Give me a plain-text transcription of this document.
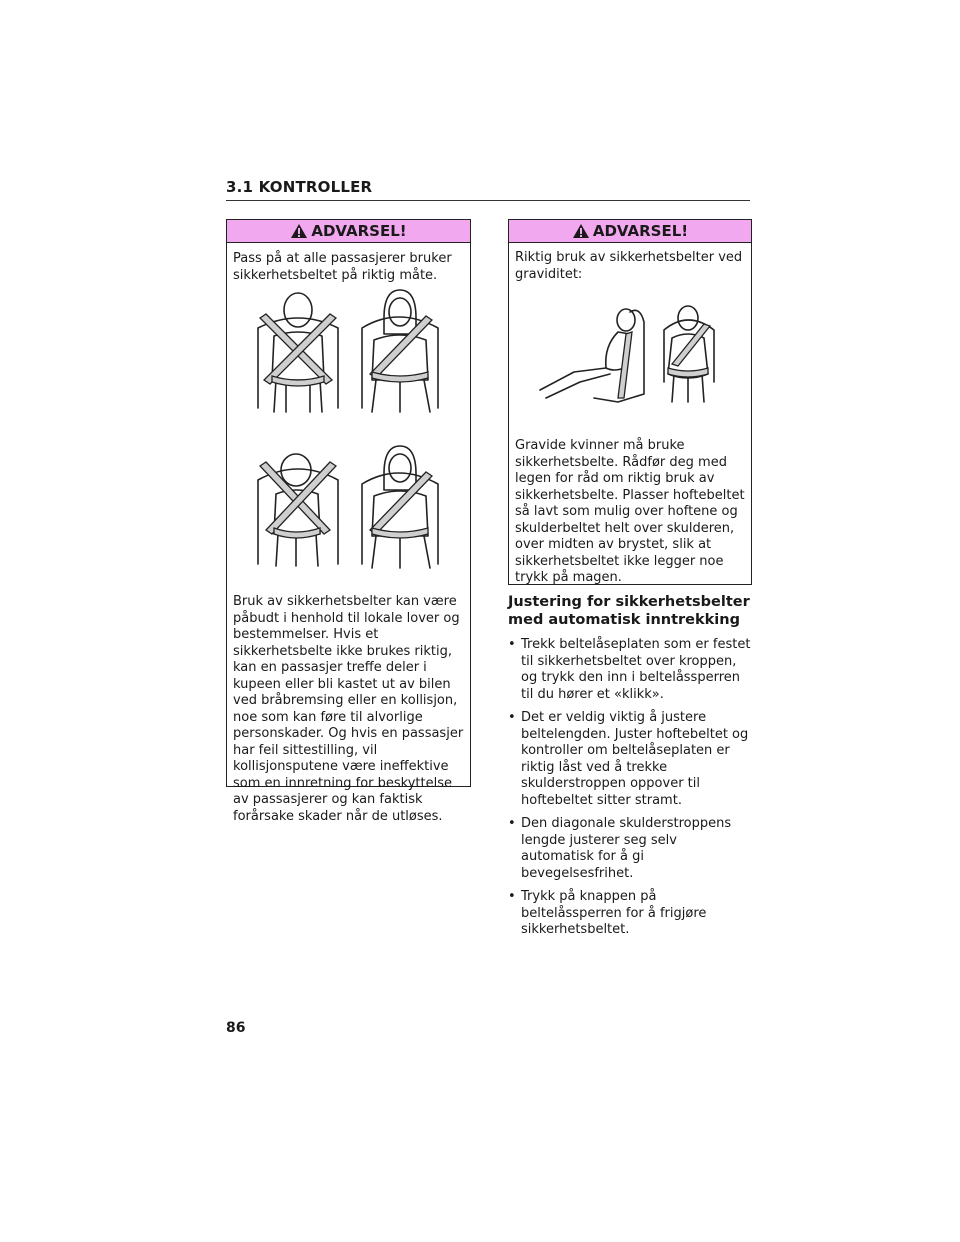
3.1 KONTROLLER
ADVARSEL!
Pass på at alle passasjerer bruker sikkerhetsbeltet på riktig måte.
Bruk av sikkerhetsbelter kan være påbudt i henhold til lokale lover og bestemmelser. Hvis et sikkerhetsbelte ikke brukes riktig, kan en passasjer treffe deler i kupeen eller bli kastet ut av bilen ved bråbremsing eller en kollisjon, noe som kan føre til alvorlige personskader. Og hvis en passasjer har feil sittestilling, vil kollisjonsputene være ineffektive som en innretning for beskyttelse av passasjerer og kan faktisk forårsake skader når de utløses.
ADVARSEL!
Riktig bruk av sikkerhetsbelter ved graviditet:
Gravide kvinner må bruke sikkerhetsbelte. Rådfør deg med legen for råd om riktig bruk av sikkerhetsbelte. Plasser hoftebeltet så lavt som mulig over hoftene og skulderbeltet helt over skulderen, over midten av brystet, slik at sikkerhetsbeltet ikke legger noe trykk på magen.
Justering for sikkerhetsbelter med automatisk inntrekking
• Trekk beltelåseplaten som er festet til sikkerhetsbeltet over kroppen, og trykk den inn i beltelåssperren til du hører et «klikk».
• Det er veldig viktig å justere beltelengden. Juster hoftebeltet og kontroller om beltelåseplaten er riktig låst ved å trekke skulderstroppen oppover til hoftebeltet sitter stramt.
• Den diagonale skulderstroppens lengde justerer seg selv automatisk for å gi bevegelsesfrihet.
• Trykk på knappen på beltelåssperren for å frigjøre sikkerhetsbeltet.
86
